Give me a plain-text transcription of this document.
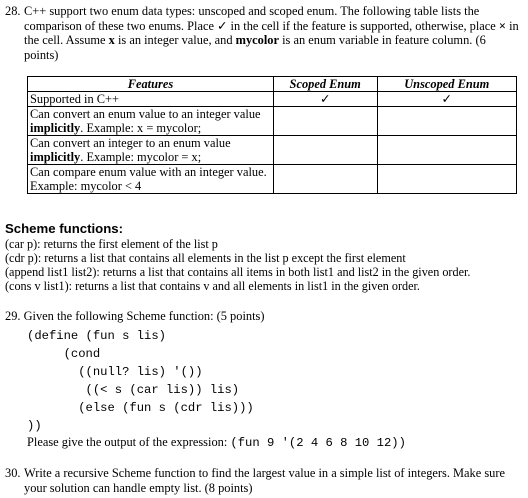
28. C++ support two enum data types: unscoped and scoped enum. The following table lists the comparison of these two enums. Place ✓ in the cell if the feature is supported, otherwise, place × in the cell. Assume x is an integer value, and mycolor is an enum variable in feature column. (6 points)
Features	Scoped Enum	Unscoped Enum
Supported in C++	✓	✓
Can convert an enum value to an integer value implicitly. Example: x = mycolor;		
Can convert an integer to an enum value implicitly. Example: mycolor = x;		
Can compare enum value with an integer value. Example: mycolor < 4		
Scheme functions:
(car p): returns the first element of the list p
(cdr p): returns a list that contains all elements in the list p except the first element
(append list1 list2): returns a list that contains all items in both list1 and list2 in the given order.
(cons v list1): returns a list that contains v and all elements in list1 in the given order.
29. Given the following Scheme function: (5 points)
(define (fun s lis)
(cond
((null? lis) '())
((< s (car lis)) lis)
(else (fun s (cdr lis)))
))
Please give the output of the expression: (fun 9 '(2 4 6 8 10 12))
30. Write a recursive Scheme function to find the largest value in a simple list of integers. Make sure your solution can handle empty list. (8 points)
